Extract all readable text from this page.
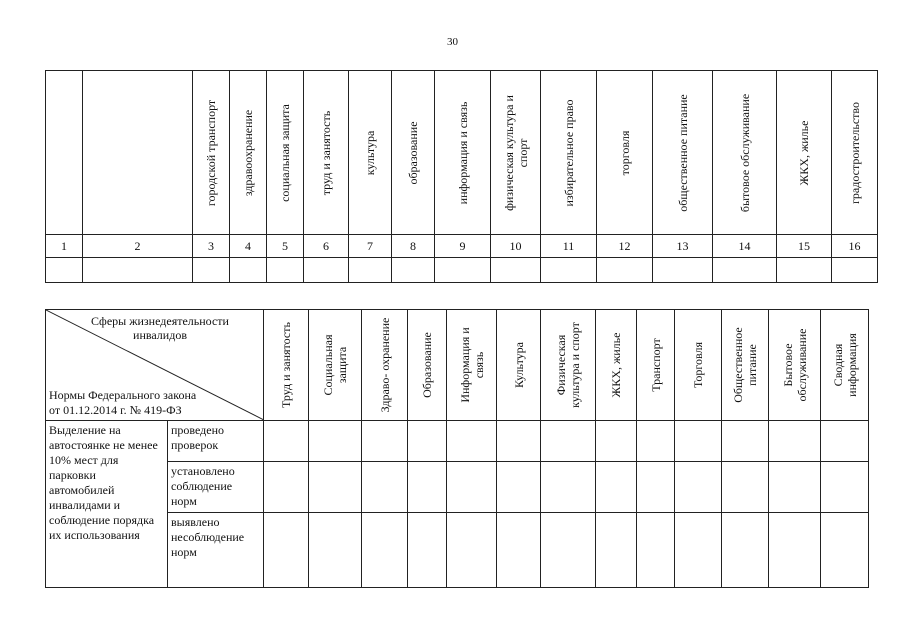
30

		городской транспорт	здравоохранение	социальная защита	труд и занятость	культура	образование	информация и связь	физическая культура и спорт	избирательное право	торговля	общественное питание	бытовое обслуживание	ЖКХ, жилье	градостроительство

1	2	3	4	5	6	7	8	9	10	11	12	13	14	15	16

Сферы жизнедеятельности инвалидов
Нормы Федерального закона от 01.12.2014 г. № 419-ФЗ		Труд и занятость	Социальная защита	Здраво- охранение	Образование	Информация и связь	Культура	Физическая культура и спорт	ЖКХ, жилье	Транспорт	Торговля	Общественное питание	Бытовое обслуживание	Сводная информация

Выделение на автостоянке не менее 10% мест для парковки автомобилей инвалидами и соблюдение порядка их использования	проведено проверок													
	установлено соблюдение норм													
	выявлено несоблюдение норм													
